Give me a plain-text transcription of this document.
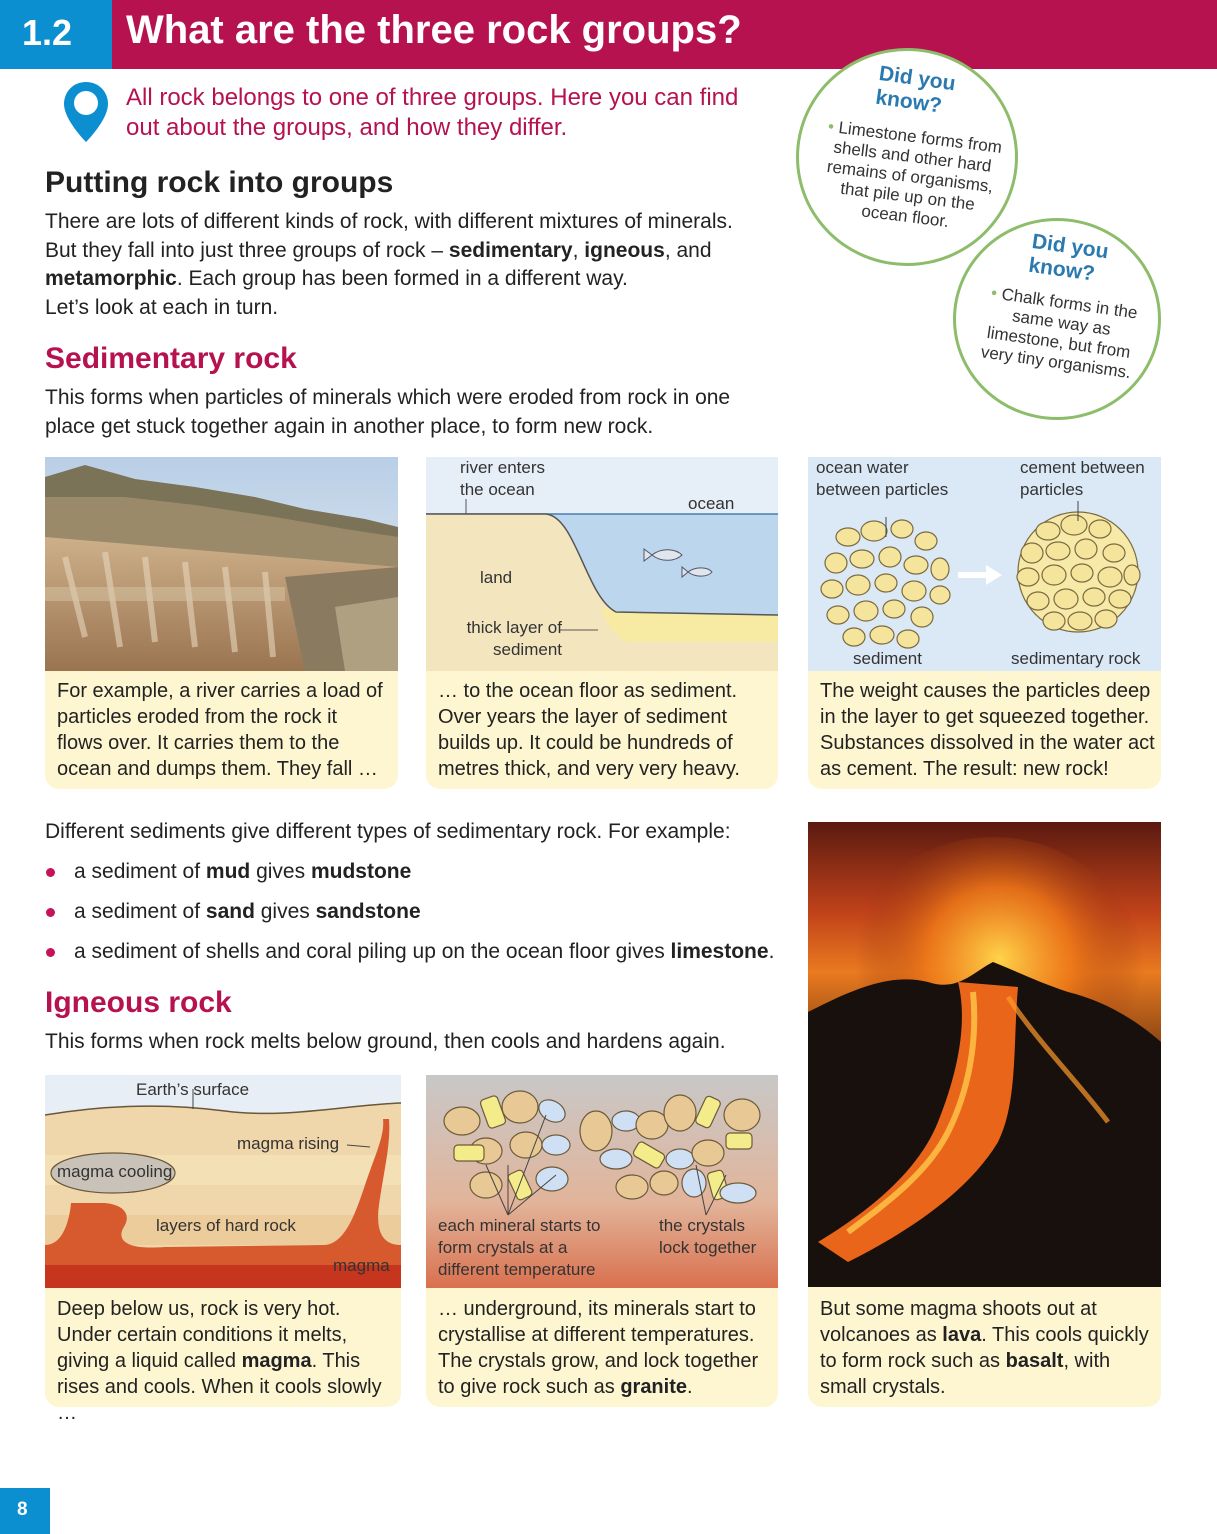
1.2 What are the three rock groups?
All rock belongs to one of three groups. Here you can find out about the groups, and how they differ.
Putting rock into groups

There are lots of different kinds of rock, with different mixtures of minerals.
But they fall into just three groups of rock – sedimentary, igneous, and
metamorphic. Each group has been formed in a different way.
Let’s look at each in turn.

Did you
know?
• Limestone forms from shells and other hard remains of organisms, that pile up on the ocean floor.
Did you
know?
• Chalk forms in the same way as limestone, but from very tiny organisms.
Sedimentary rock

This forms when particles of minerals which were eroded from rock in one place get stuck together again in another place, to form new rock.

For example, a river carries a load of particles eroded from the rock it flows over. It carries them to the ocean and dumps them. They fall …
river enters the ocean
ocean
land
thick layer of sediment
… to the ocean floor as sediment. Over years the layer of sediment builds up. It could be hundreds of metres thick, and very very heavy.
ocean water between particles
cement between particles
sediment	sedimentary rock
The weight causes the particles deep in the layer to get squeezed together. Substances dissolved in the water act as cement. The result: new rock!

Different sediments give different types of sedimentary rock. For example:

a sediment of mud gives mudstone
a sediment of sand gives sandstone
a sediment of shells and coral piling up on the ocean floor gives limestone.
Igneous rock

This forms when rock melts below ground, then cools and hardens again.

Earth’s surface
magma rising
magma cooling
layers of hard rock
magma
Deep below us, rock is very hot. Under certain conditions it melts, giving a liquid called magma. This rises and cools. When it cools slowly …
each mineral starts to form crystals at a different temperature
the crystals lock together
… underground, its minerals start to crystallise at different temperatures. The crystals grow, and lock together to give rock such as granite.
But some magma shoots out at volcanoes as lava. This cools quickly to form rock such as basalt, with small crystals.
8
